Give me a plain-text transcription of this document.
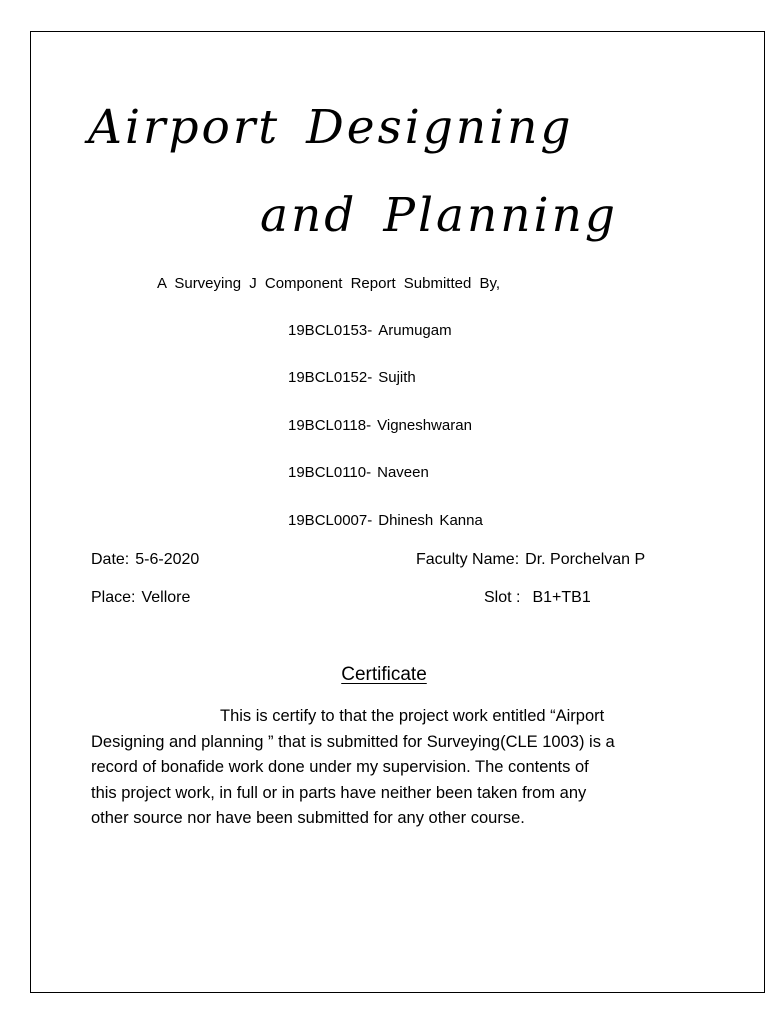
Airport Designing
and Planning
A Surveying J Component Report Submitted By,
19BCL0153- Arumugam
19BCL0152- Sujith
19BCL0118- Vigneshwaran
19BCL0110- Naveen
19BCL0007- Dhinesh Kanna
Date: 5-6-2020	Faculty Name: Dr. Porchelvan P
Place: Vellore	Slot : B1+TB1
Certificate
This is certify to that the project work entitled “Airport
Designing and planning ” that is submitted for Surveying(CLE 1003) is a
record of bonafide work done under my supervision. The contents of
this project work, in full or in parts have neither been taken from any
other source nor have been submitted for any other course.
